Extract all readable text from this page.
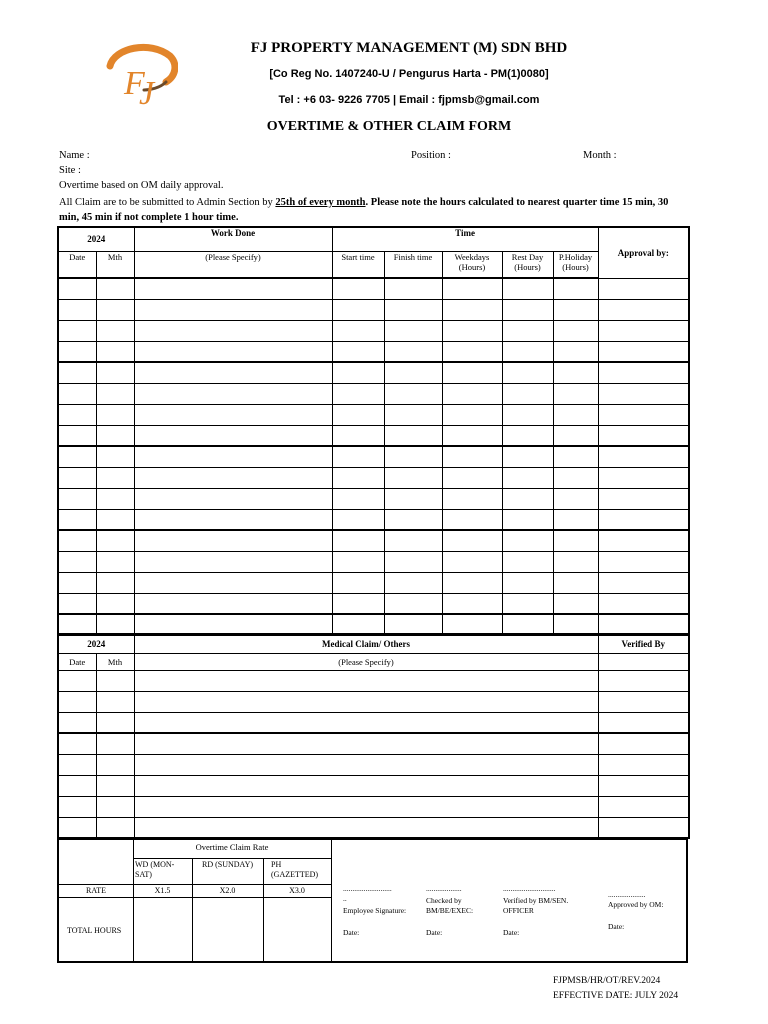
F
J
FJ PROPERTY MANAGEMENT (M) SDN BHD
[Co Reg No. 1407240-U / Pengurus Harta - PM(1)0080]
Tel : +6 03- 9226 7705 | Email : fjpmsb@gmail.com
OVERTIME & OTHER CLAIM FORM
Name :	Position :	Month :
Site :
Overtime based on OM daily approval.
All Claim are to be submitted to Admin Section by 25th of every month. Please note the hours calculated to nearest quarter time 15 min, 30 min, 45 min if not complete 1 hour time.
2024		Work Done	Time					Approval by:
Date	Mth	(Please Specify)	Start time	Finish time	Weekdays (Hours)	Rest Day (Hours)	P.Holiday (Hours)	

2024		Medical Claim/ Others	Verified By
Date	Mth	(Please Specify)	

Overtime Claim Rate
WD (MON-SAT)
RD (SUNDAY)	PH (GAZETTED)
RATE	X1.5	X2.0	X3.0
TOTAL HOURS
..........................
..
Employee Signature:
Date:
...................
Checked by BM/BE/EXEC:
Date:
............................
Verified by BM/SEN. OFFICER
Date:
....................
Approved by OM:
Date:
FJPMSB/HR/OT/REV.2024
EFFECTIVE DATE: JULY 2024
